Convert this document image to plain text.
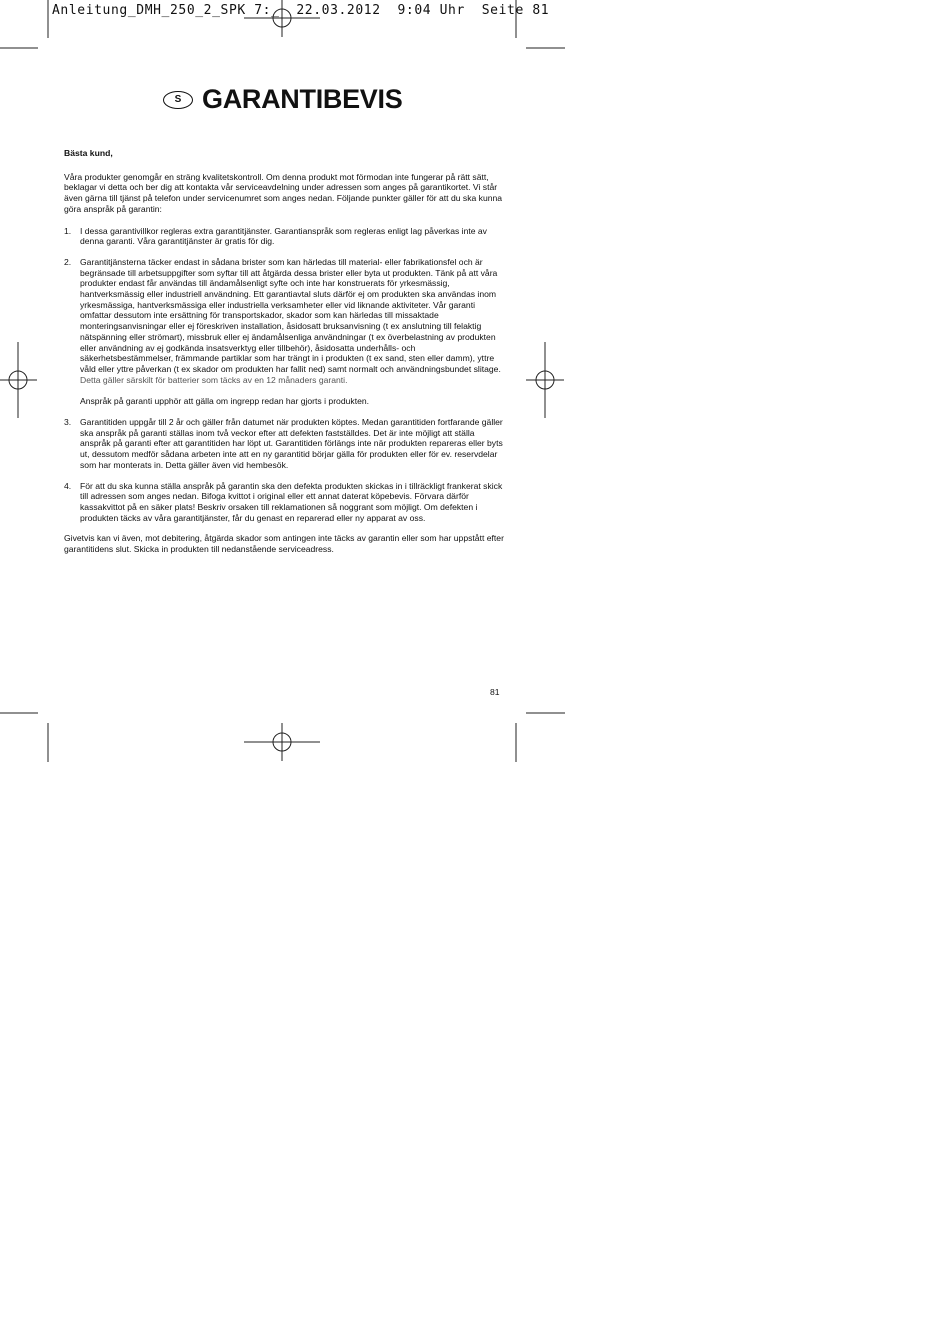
Anleitung_DMH_250_2_SPK 7:_  22.03.2012  9:04 Uhr  Seite 81
S GARANTIBEVIS

Bästa kund,

Våra produkter genomgår en sträng kvalitetskontroll. Om denna produkt mot förmodan inte fungerar på rätt sätt, beklagar vi detta och ber dig att kontakta vår serviceavdelning under adressen som anges på garantikortet. Vi står även gärna till tjänst på telefon under servicenumret som anges nedan. Följande punkter gäller för att du ska kunna göra anspråk på garantin:

1.	I dessa garantivillkor regleras extra garantitjänster. Garantianspråk som regleras enligt lag påverkas inte av denna garanti. Våra garantitjänster är gratis för dig.

2.	Garantitjänsterna täcker endast in sådana brister som kan härledas till material- eller fabrikationsfel och är begränsade till arbetsuppgifter som syftar till att åtgärda dessa brister eller byta ut produkten. Tänk på att våra produkter endast får användas till ändamålsenligt syfte och inte har konstruerats för yrkesmässig, hantverksmässig eller industriell användning. Ett garantiavtal sluts därför ej om produkten ska användas inom yrkesmässiga, hantverksmässiga eller industriella verksamheter eller vid liknande aktiviteter. Vår garanti omfattar dessutom inte ersättning för transportskador, skador som kan härledas till missaktade monteringsanvisningar eller ej föreskriven installation, åsidosatt bruksanvisning (t ex anslutning till felaktig nätspänning eller strömart), missbruk eller ej ändamålsenliga användningar (t ex överbelastning av produkten eller användning av ej godkända insatsverktyg eller tillbehör), åsidosatta underhålls- och säkerhetsbestämmelser, främmande partiklar som har trängt in i produkten (t ex sand, sten eller damm), yttre våld eller yttre påverkan (t ex skador om produkten har fallit ned) samt normalt och användningsbundet slitage. Detta gäller särskilt för batterier som täcks av en 12 månaders garanti.

Anspråk på garanti upphör att gälla om ingrepp redan har gjorts i produkten.

3.	Garantitiden uppgår till 2 år och gäller från datumet när produkten köptes. Medan garantitiden fortfarande gäller ska anspråk på garanti ställas inom två veckor efter att defekten fastställdes. Det är inte möjligt att ställa anspråk på garanti efter att garantitiden har löpt ut. Garantitiden förlängs inte när produkten repareras eller byts ut, dessutom medför sådana arbeten inte att en ny garantitid börjar gälla för produkten eller för ev. reservdelar som har monterats in. Detta gäller även vid hembesök.

4.	För att du ska kunna ställa anspråk på garantin ska den defekta produkten skickas in i tillräckligt frankerat skick till adressen som anges nedan. Bifoga kvittot i original eller ett annat daterat köpebevis. Förvara därför kassakvittot på en säker plats! Beskriv orsaken till reklamationen så noggrant som möjligt. Om defekten i produkten täcks av våra garantitjänster, får du genast en reparerad eller ny apparat av oss.

Givetvis kan vi även, mot debitering, åtgärda skador som antingen inte täcks av garantin eller som har uppstått efter garantitidens slut. Skicka in produkten till nedanstående serviceadress.

81
